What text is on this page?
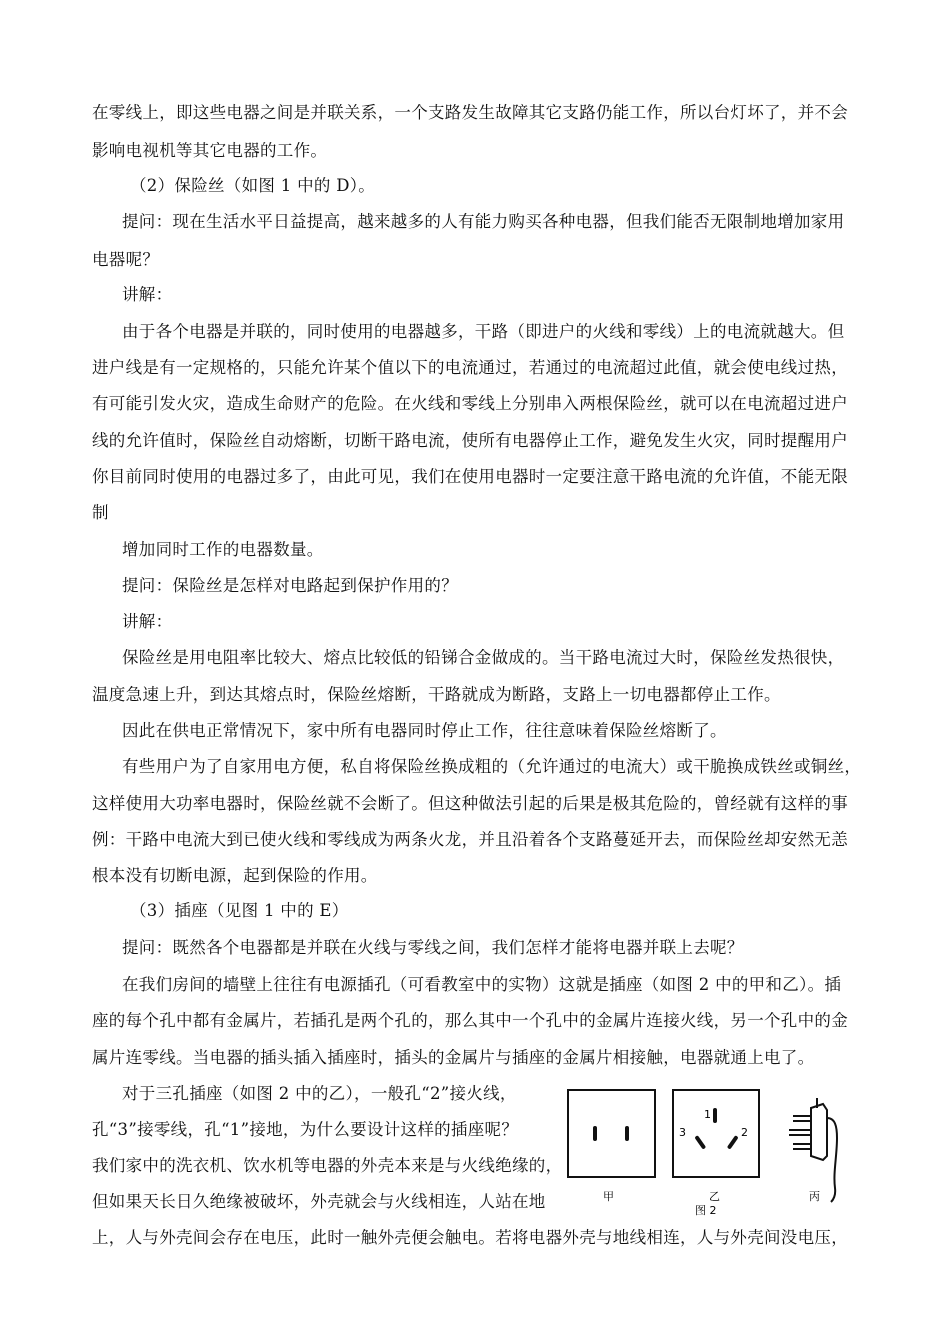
在零线上，即这些电器之间是并联关系，一个支路发生故障其它支路仍能工作，所以台灯坏了，并不会
影响电视机等其它电器的工作。
（2）保险丝（如图 1 中的 D）。
提问：现在生活水平日益提高，越来越多的人有能力购买各种电器，但我们能否无限制地增加家用
电器呢？
讲解：
由于各个电器是并联的，同时使用的电器越多，干路（即进户的火线和零线）上的电流就越大。但
进户线是有一定规格的，只能允许某个值以下的电流通过，若通过的电流超过此值，就会使电线过热，
有可能引发火灾，造成生命财产的危险。在火线和零线上分别串入两根保险丝，就可以在电流超过进户
线的允许值时，保险丝自动熔断，切断干路电流，使所有电器停止工作，避免发生火灾，同时提醒用户
你目前同时使用的电器过多了，由此可见，我们在使用电器时一定要注意干路电流的允许值，不能无限
制
增加同时工作的电器数量。
提问：保险丝是怎样对电路起到保护作用的？
讲解：
保险丝是用电阻率比较大、熔点比较低的铅锑合金做成的。当干路电流过大时，保险丝发热很快，
温度急速上升，到达其熔点时，保险丝熔断，干路就成为断路，支路上一切电器都停止工作。
因此在供电正常情况下，家中所有电器同时停止工作，往往意味着保险丝熔断了。
有些用户为了自家用电方便，私自将保险丝换成粗的（允许通过的电流大）或干脆换成铁丝或铜丝，
这样使用大功率电器时，保险丝就不会断了。但这种做法引起的后果是极其危险的，曾经就有这样的事
例：干路中电流大到已使火线和零线成为两条火龙，并且沿着各个支路蔓延开去，而保险丝却安然无恙
根本没有切断电源，起到保险的作用。
（3）插座（见图 1 中的 E）
提问：既然各个电器都是并联在火线与零线之间，我们怎样才能将电器并联上去呢？
在我们房间的墙壁上往往有电源插孔（可看教室中的实物）这就是插座（如图 2 中的甲和乙）。插
座的每个孔中都有金属片，若插孔是两个孔的，那么其中一个孔中的金属片连接火线，另一个孔中的金
属片连零线。当电器的插头插入插座时，插头的金属片与插座的金属片相接触，电器就通上电了。
对于三孔插座（如图 2 中的乙），一般孔“2”接火线，
孔“3”接零线，孔“1”接地，为什么要设计这样的插座呢？
我们家中的洗衣机、饮水机等电器的外壳本来是与火线绝缘的，
但如果天长日久绝缘被破坏，外壳就会与火线相连，人站在地
上，人与外壳间会存在电压，此时一触外壳便会触电。若将电器外壳与地线相连，人与外壳间没电压，
1
2
3
甲	乙	丙
图 2
